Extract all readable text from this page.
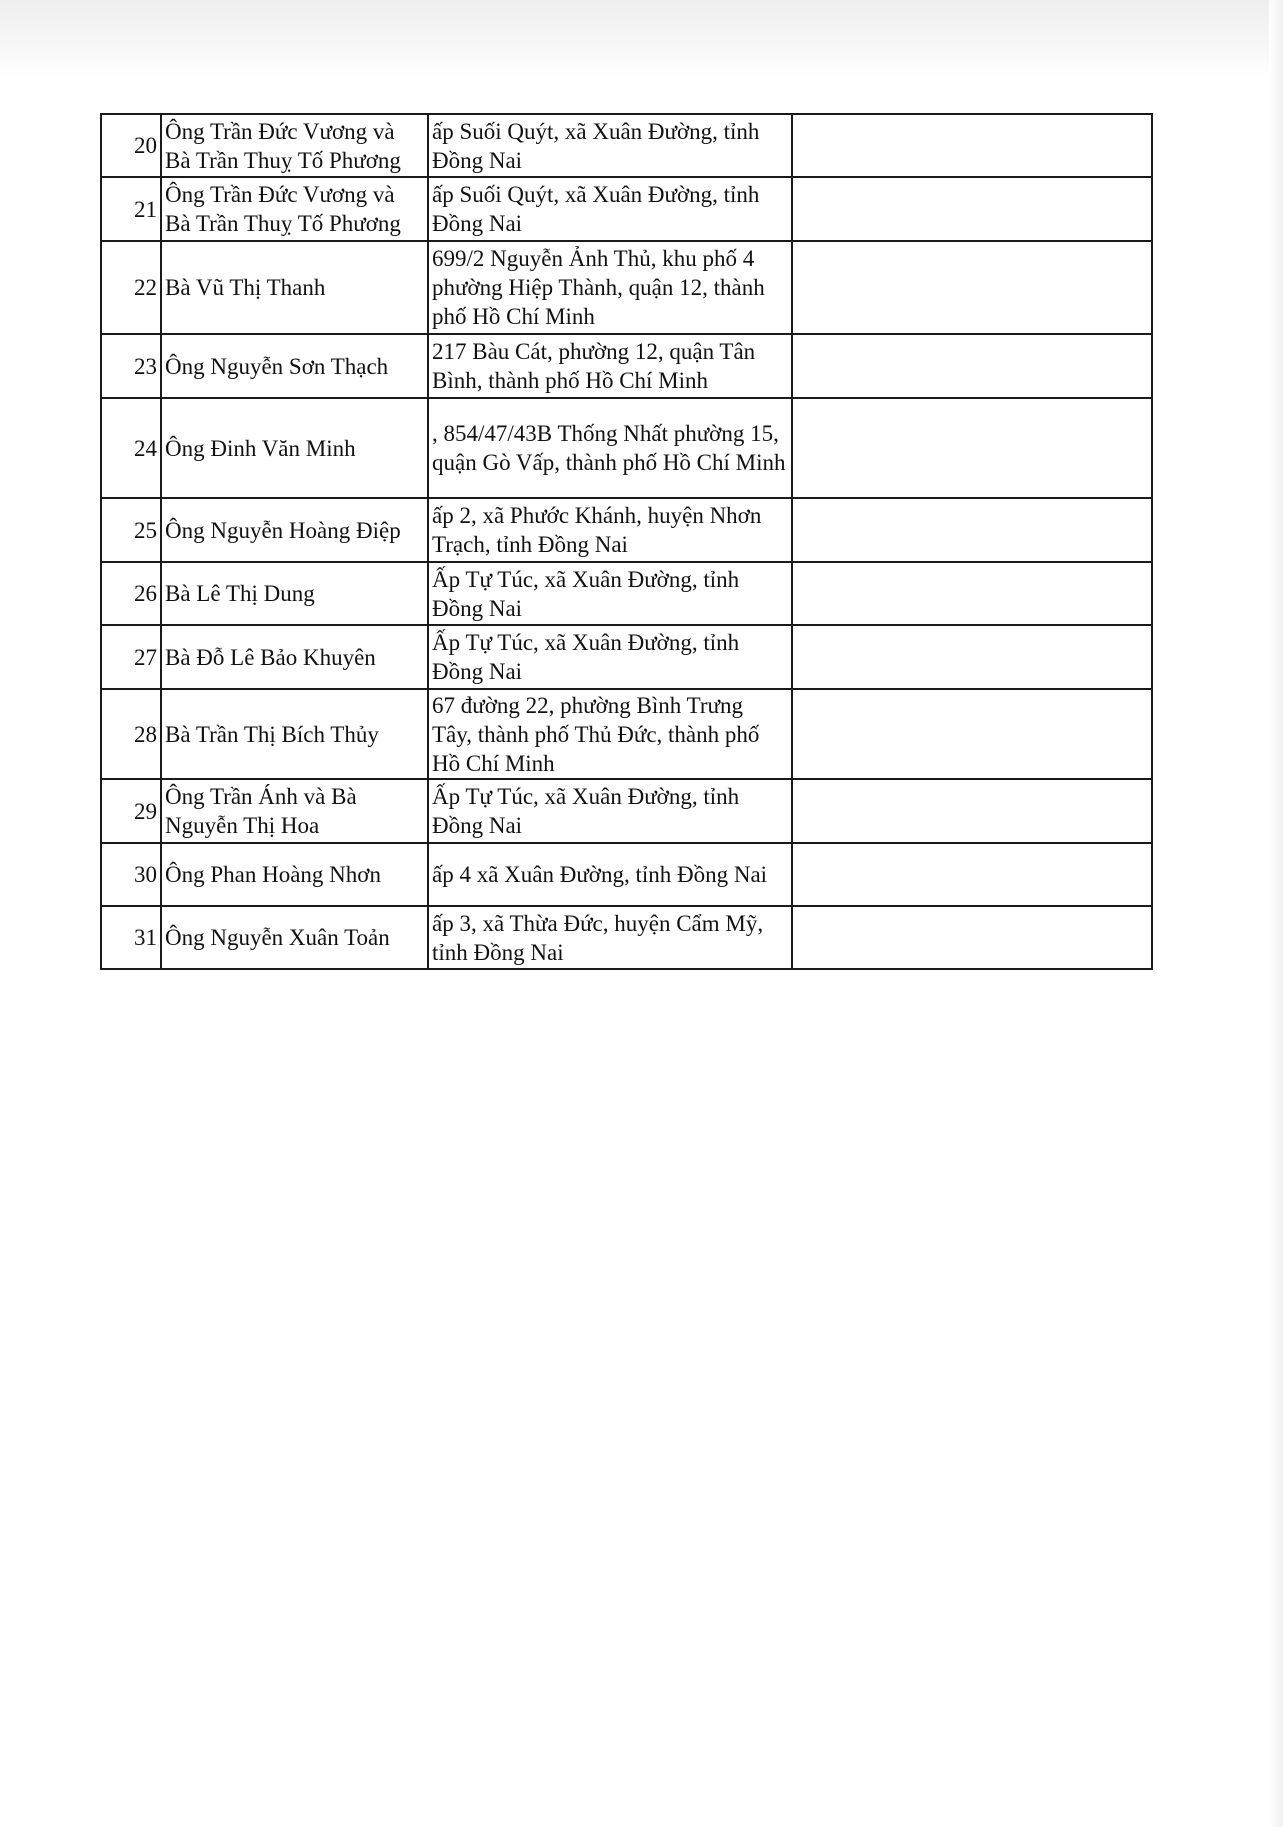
20	Ông Trần Đức Vương và Bà Trần Thuỵ Tố Phương	ấp Suối Quýt, xã Xuân Đường, tỉnh Đồng Nai	
21	Ông Trần Đức Vương và Bà Trần Thuỵ Tố Phương	ấp Suối Quýt, xã Xuân Đường, tỉnh Đồng Nai	
22	Bà Vũ Thị Thanh	699/2 Nguyễn Ảnh Thủ, khu phố 4 phường Hiệp Thành, quận 12, thành phố Hồ Chí Minh	
23	Ông Nguyễn Sơn Thạch	217 Bàu Cát, phường 12, quận Tân Bình, thành phố Hồ Chí Minh	
24	Ông Đinh Văn Minh	, 854/47/43B Thống Nhất phường 15, quận Gò Vấp, thành phố Hồ Chí Minh	
25	Ông Nguyễn Hoàng Điệp	ấp 2, xã Phước Khánh, huyện Nhơn Trạch, tỉnh Đồng Nai	
26	Bà Lê Thị Dung	Ấp Tự Túc, xã Xuân Đường, tỉnh Đồng Nai	
27	Bà Đỗ Lê Bảo Khuyên	Ấp Tự Túc, xã Xuân Đường, tỉnh Đồng Nai	
28	Bà Trần Thị Bích Thủy	67 đường 22, phường Bình Trưng Tây, thành phố Thủ Đức, thành phố Hồ Chí Minh	
29	Ông Trần Ánh và Bà Nguyễn Thị Hoa	Ấp Tự Túc, xã Xuân Đường, tỉnh Đồng Nai	
30	Ông Phan Hoàng Nhơn	ấp 4 xã Xuân Đường, tỉnh Đồng Nai	
31	Ông Nguyễn Xuân Toản	ấp 3, xã Thừa Đức, huyện Cẩm Mỹ, tỉnh Đồng Nai	
